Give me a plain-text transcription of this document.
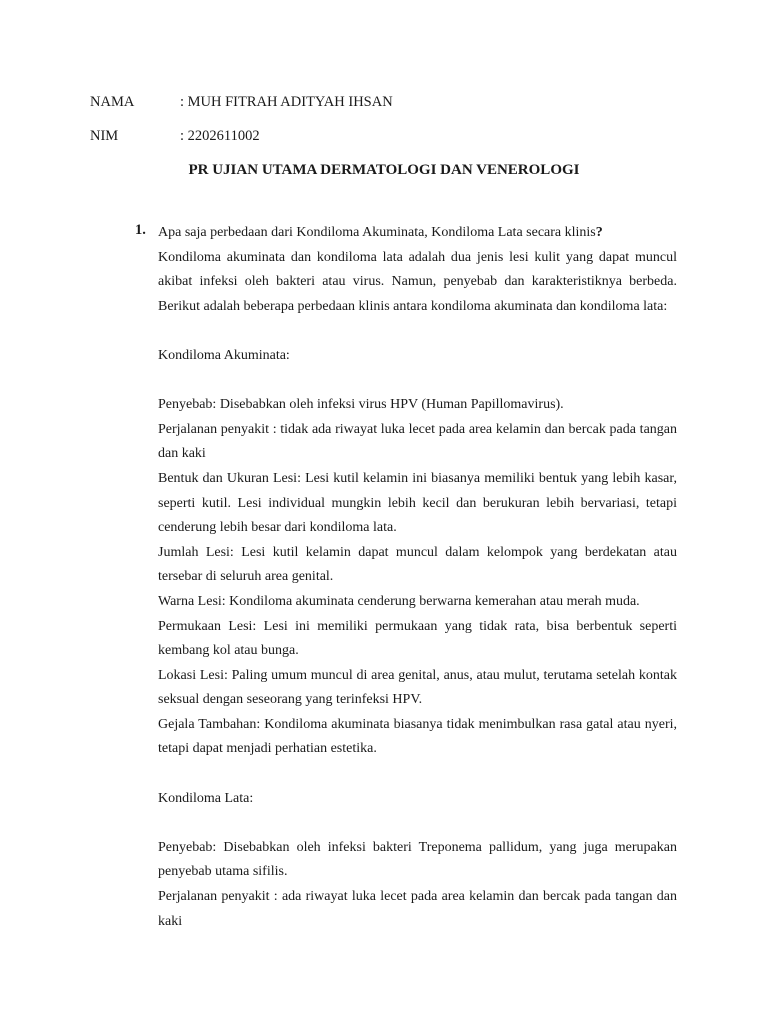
NAMA	: MUH FITRAH ADITYAH IHSAN
NIM	: 2202611002
PR UJIAN UTAMA DERMATOLOGI DAN VENEROLOGI
1. Apa saja perbedaan dari Kondiloma Akuminata, Kondiloma Lata secara klinis?

Kondiloma akuminata dan kondiloma lata adalah dua jenis lesi kulit yang dapat muncul akibat infeksi oleh bakteri atau virus. Namun, penyebab dan karakteristiknya berbeda. Berikut adalah beberapa perbedaan klinis antara kondiloma akuminata dan kondiloma lata:

Kondiloma Akuminata:

Penyebab: Disebabkan oleh infeksi virus HPV (Human Papillomavirus).

Perjalanan penyakit : tidak ada riwayat luka lecet pada area kelamin dan bercak pada tangan dan kaki

Bentuk dan Ukuran Lesi: Lesi kutil kelamin ini biasanya memiliki bentuk yang lebih kasar, seperti kutil. Lesi individual mungkin lebih kecil dan berukuran lebih bervariasi, tetapi cenderung lebih besar dari kondiloma lata.

Jumlah Lesi: Lesi kutil kelamin dapat muncul dalam kelompok yang berdekatan atau tersebar di seluruh area genital.

Warna Lesi: Kondiloma akuminata cenderung berwarna kemerahan atau merah muda.

Permukaan Lesi: Lesi ini memiliki permukaan yang tidak rata, bisa berbentuk seperti kembang kol atau bunga.

Lokasi Lesi: Paling umum muncul di area genital, anus, atau mulut, terutama setelah kontak seksual dengan seseorang yang terinfeksi HPV.

Gejala Tambahan: Kondiloma akuminata biasanya tidak menimbulkan rasa gatal atau nyeri, tetapi dapat menjadi perhatian estetika.

Kondiloma Lata:

Penyebab: Disebabkan oleh infeksi bakteri Treponema pallidum, yang juga merupakan penyebab utama sifilis.

Perjalanan penyakit : ada riwayat luka lecet pada area kelamin dan bercak pada tangan dan kaki
